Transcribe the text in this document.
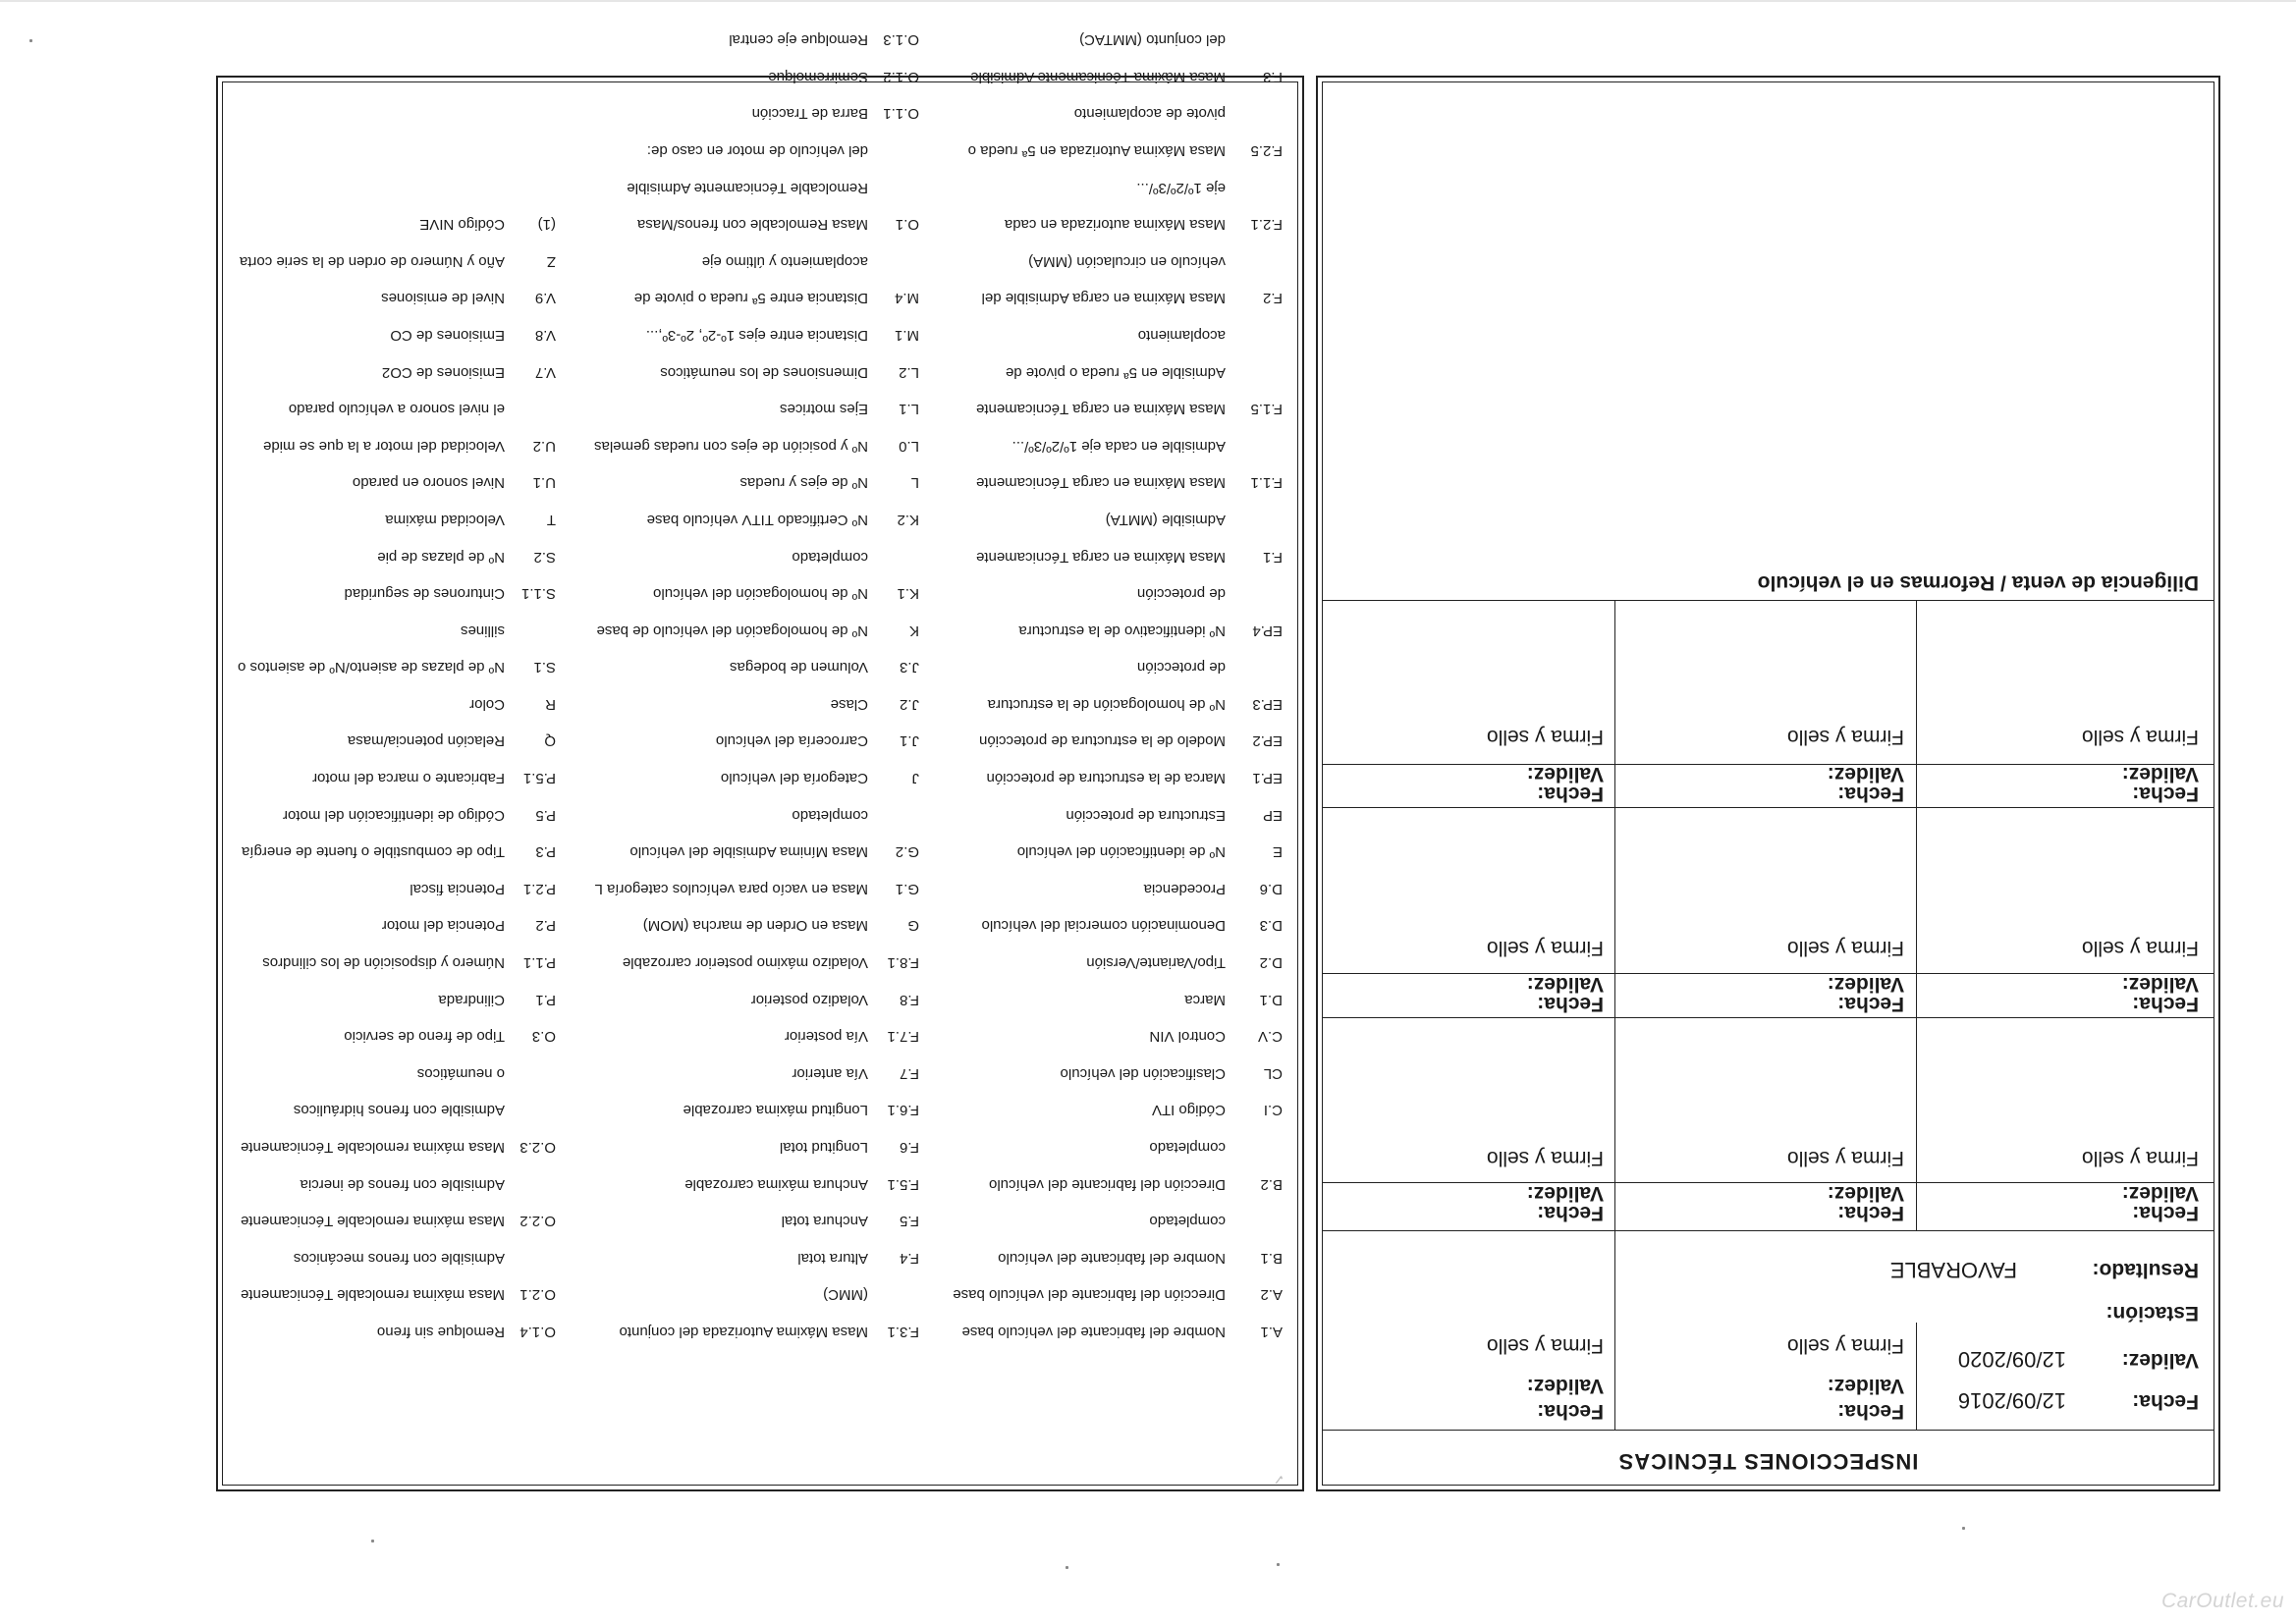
INSPECCIONES TÉCNICAS
Fecha:
12/09/2016
Validez:
12/09/2020
Estación:
Resultado:
FAVORABLE
Fecha:
Validez:
Firma y sello
Fecha:
Validez:
Firma y sello
Fecha:
Validez:
Firma y sello
Fecha:
Validez:
Firma y sello
Fecha:
Validez:
Firma y sello
Fecha:
Validez:
Firma y sello
Fecha:
Validez:
Firma y sello
Fecha:
Validez:
Firma y sello
Fecha:
Validez:
Firma y sello
Fecha:
Validez:
Firma y sello
Fecha:
Validez:
Firma y sello
Diligencia de venta / Reformas en el vehículo
A.1
Nombre del fabricante del vehículo base
A.2
Dirección del fabricante del vehículo base
B.1
Nombre del fabricante del vehículo
completado
B.2
Dirección del fabricante del vehículo
completado
C.I
Código ITV
CL
Clasificación del vehículo
C.V
Control VIN
D.1
Marca
D.2
Tipo/Variante/Versión
D.3
Denominación comercial del vehículo
D.6
Procedencia
E
Nº de identificación del vehículo
EP
Estructura de protección
EP.1
Marca de la estructura de protección
EP.2
Modelo de la estructura de protección
EP.3
Nº de homologación de la estructura
de protección
EP.4
Nº identificativo de la estructura
de protección
F.1
Masa Máxima en carga Técnicamente
Admisible (MMTA)
F.1.1
Masa Máxima en carga Técnicamente
Admisible en cada eje 1º/2º/3º/...
F.1.5
Masa Máxima en carga Técnicamente
Admisible en 5ª rueda o pivote de
acoplamiento
F.2
Masa Máxima en carga Admisible del
vehículo en circulación (MMA)
F.2.1
Masa Máxima autorizada en cada
eje 1º/2º/3º/...
F.2.5
Masa Máxima Autorizada en 5ª rueda o
pivote de acoplamiento
F.3
Masa Máxima Técnicamente Admisible
del conjunto (MMTAC)
F.3.1
Masa Máxima Autorizada del conjunto
(MMC)
F.4
Altura total
F.5
Anchura total
F.5.1
Anchura máxima carrozable
F.6
Longitud total
F.6.1
Longitud máxima carrozable
F.7
Vía anterior
F.7.1
Vía posterior
F.8
Voladizo posterior
F.8.1
Voladizo máximo posterior carrozable
G
Masa en Orden de marcha (MOM)
G.1
Masa en vacío para vehículos categoría L
G.2
Masa Mínima Admisible del vehículo
completado
J
Categoría del vehículo
J.1
Carrocería del vehículo
J.2
Clase
J.3
Volumen de bodegas
K
Nº de homologación del vehículo de base
K.1
Nº de homologación del vehículo
completado
K.2
Nº Certificado TITV vehículo base
L
Nº de ejes y ruedas
L.0
Nº y posición de ejes con ruedas gemelas
L.1
Ejes motrices
L.2
Dimensiones de los neumáticos
M.1
Distancia entre ejes 1º-2º, 2º-3º,...
M.4
Distancia entre 5ª rueda o pivote de
acoplamiento y último eje
O.1
Masa Remolcable con frenos/Masa
Remolcable Técnicamente Admisible
del vehículo de motor en caso de:
O.1.1
Barra de Tracción
O.1.2
Semirremolque
O.1.3
Remolque eje central
O.1.4
Remolque sin freno
O.2.1
Masa máxima remolcable Técnicamente
Admisible con frenos mecánicos
O.2.2
Masa máxima remolcable Técnicamente
Admisible con frenos de inercia
O.2.3
Masa máxima remolcable Técnicamente
Admisible con frenos hidráulicos
o neumáticos
O.3
Tipo de freno de servicio
P.1
Cilindrada
P.1.1
Número y disposición de los cilindros
P.2
Potencia del motor
P.2.1
Potencia fiscal
P.3
Tipo de combustible o fuente de energía
P.5
Código de identificación del motor
P.5.1
Fabricante o marca del motor
Q
Relación potencia/masa
R
Color
S.1
Nº de plazas de asiento/Nº de asientos o
sillines
S.1.1
Cinturones de seguridad
S.2
Nº de plazas de pie
T
Velocidad máxima
U.1
Nivel sonoro en parado
U.2
Velocidad del motor a la que se mide
el nivel sonoro a vehículo parado
V.7
Emisiones de CO2
V.8
Emisiones de CO
V.9
Nivel de emisiones
Z
Año y Número de orden de la serie corta
(1)
Código NIVE
✓
CarOutlet.eu
